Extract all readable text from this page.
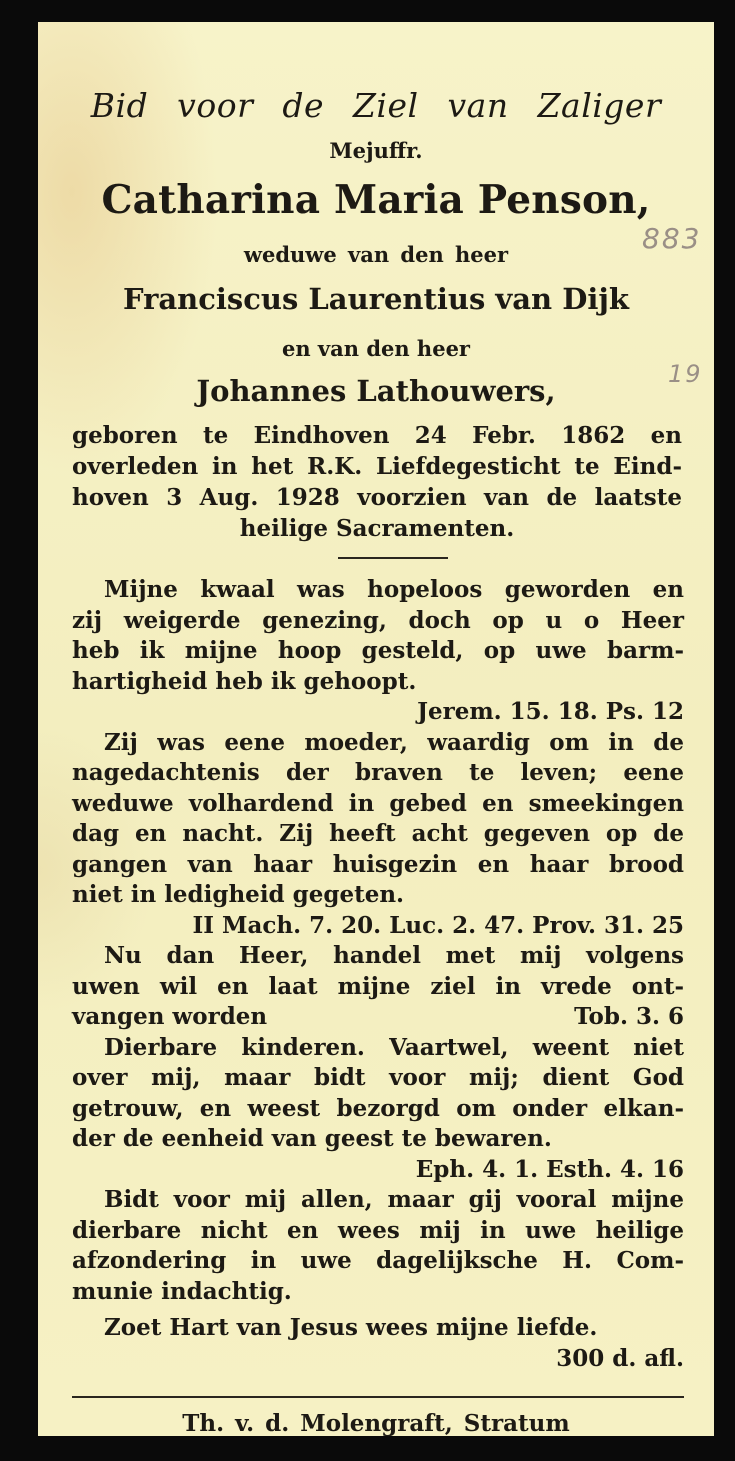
Bid voor de Ziel van Zaliger
Mejuffr.
Catharina Maria Penson,
weduwe van den heer
Franciscus Laurentius van Dijk
en van den heer
Johannes Lathouwers,
883
19
geboren te Eindhoven 24 Febr. 1862 en
overleden in het R.K. Liefdegesticht te Eind-
hoven 3 Aug. 1928 voorzien van de laatste
heilige Sacramenten.
Mijne kwaal was hopeloos geworden en
zij weigerde genezing, doch op u o Heer
heb ik mijne hoop gesteld, op uwe barm-
hartigheid heb ik gehoopt.
Jerem. 15. 18. Ps. 12
Zij was eene moeder, waardig om in de
nagedachtenis der braven te leven; eene
weduwe volhardend in gebed en smeekingen
dag en nacht. Zij heeft acht gegeven op de
gangen van haar huisgezin en haar brood
niet in ledigheid gegeten.
II Mach. 7. 20. Luc. 2. 47. Prov. 31. 25
Nu dan Heer, handel met mij volgens
uwen wil en laat mijne ziel in vrede ont-
vangen worden	Tob. 3. 6
Dierbare kinderen. Vaartwel, weent niet
over mij, maar bidt voor mij; dient God
getrouw, en weest bezorgd om onder elkan-
der de eenheid van geest te bewaren.
Eph. 4. 1. Esth. 4. 16
Bidt voor mij allen, maar gij vooral mijne
dierbare nicht en wees mij in uwe heilige
afzondering in uwe dagelijksche H. Com-
munie indachtig.
Zoet Hart van Jesus wees mijne liefde.
300 d. afl.
Th. v. d. Molengraft, Stratum
